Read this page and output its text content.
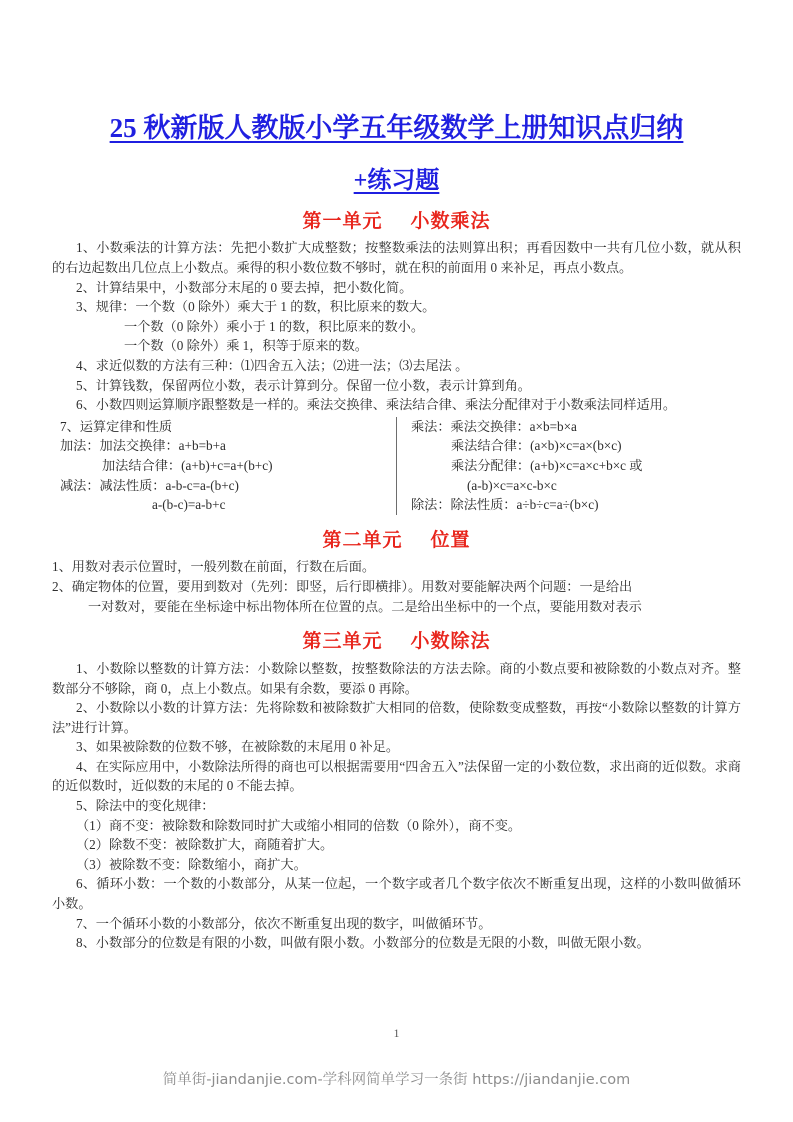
25 秋新版人教版小学五年级数学上册知识点归纳
+练习题
第一单元 小数乘法

1、小数乘法的计算方法：先把小数扩大成整数；按整数乘法的法则算出积；再看因数中一共有几位小数，就从积的右边起数出几位点上小数点。乘得的积小数位数不够时，就在积的前面用 0 来补足，再点小数点。

2、计算结果中，小数部分末尾的 0 要去掉，把小数化简。

3、规律：一个数（0 除外）乘大于 1 的数，积比原来的数大。

一个数（0 除外）乘小于 1 的数，积比原来的数小。

一个数（0 除外）乘 1，积等于原来的数。

4、求近似数的方法有三种：⑴四舍五入法；⑵进一法；⑶去尾法 。

5、计算钱数，保留两位小数，表示计算到分。保留一位小数，表示计算到角。

6、小数四则运算顺序跟整数是一样的。乘法交换律、乘法结合律、乘法分配律对于小数乘法同样适用。

7、运算定律和性质
加法：加法交换律：a+b=b+a
加法结合律：(a+b)+c=a+(b+c)
减法：减法性质：a-b-c=a-(b+c)
a-(b-c)=a-b+c
乘法：乘法交换律：a×b=b×a
乘法结合律：(a×b)×c=a×(b×c)
乘法分配律：(a+b)×c=a×c+b×c 或
(a-b)×c=a×c-b×c
除法：除法性质：a÷b÷c=a÷(b×c)
第二单元 位置

1、用数对表示位置时，一般列数在前面，行数在后面。

2、确定物体的位置，要用到数对（先列：即竖，后行即横排）。用数对要能解决两个问题：一是给出

一对数对，要能在坐标途中标出物体所在位置的点。二是给出坐标中的一个点，要能用数对表示

第三单元 小数除法

1、小数除以整数的计算方法：小数除以整数，按整数除法的方法去除。商的小数点要和被除数的小数点对齐。整数部分不够除，商 0，点上小数点。如果有余数，要添 0 再除。

2、小数除以小数的计算方法：先将除数和被除数扩大相同的倍数，使除数变成整数，再按“小数除以整数的计算方法”进行计算。

3、如果被除数的位数不够，在被除数的末尾用 0 补足。

4、在实际应用中，小数除法所得的商也可以根据需要用“四舍五入”法保留一定的小数位数，求出商的近似数。求商的近似数时，近似数的末尾的 0 不能去掉。

5、除法中的变化规律：

（1）商不变：被除数和除数同时扩大或缩小相同的倍数（0 除外），商不变。

（2）除数不变：被除数扩大，商随着扩大。

（3）被除数不变：除数缩小，商扩大。

6、循环小数：一个数的小数部分，从某一位起，一个数字或者几个数字依次不断重复出现，这样的小数叫做循环小数。

7、一个循环小数的小数部分，依次不断重复出现的数字，叫做循环节。

8、小数部分的位数是有限的小数，叫做有限小数。小数部分的位数是无限的小数，叫做无限小数。

1
简单街-jiandanjie.com-学科网简单学习一条街 https://jiandanjie.com
